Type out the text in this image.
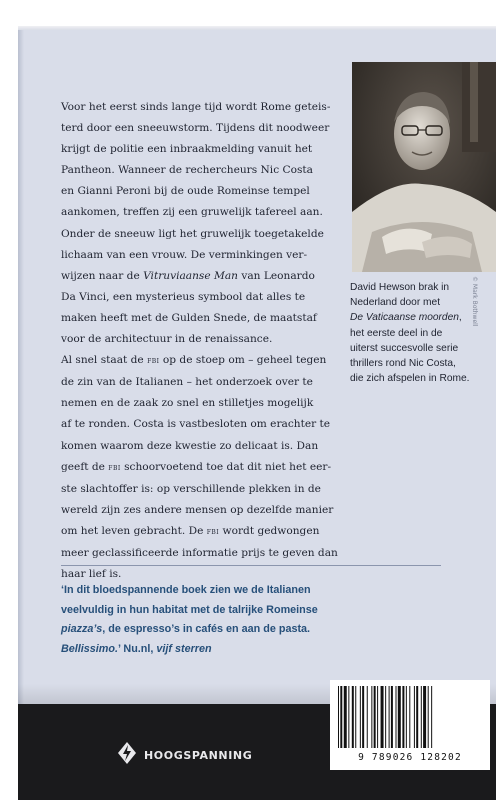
© Mark Bothwell
David Hewson brak in
Nederland door met
De Vaticaanse moorden,
het eerste deel in de
uiterst succesvolle serie
thrillers rond Nic Costa,
die zich afspelen in Rome.
Voor het eerst sinds lange tijd wordt Rome geteis-
terd door een sneeuwstorm. Tijdens dit noodweer
krijgt de politie een inbraakmelding vanuit het
Pantheon. Wanneer de rechercheurs Nic Costa
en Gianni Peroni bij de oude Romeinse tempel
aankomen, treffen zij een gruwelijk tafereel aan.
Onder de sneeuw ligt het gruwelijk toegetakelde
lichaam van een vrouw. De verminkingen ver-
wijzen naar de Vitruviaanse Man van Leonardo
Da Vinci, een mysterieus symbool dat alles te
maken heeft met de Gulden Snede, de maatstaf
voor de architectuur in de renaissance.
Al snel staat de fbi op de stoep om – geheel tegen
de zin van de Italianen – het onderzoek over te
nemen en de zaak zo snel en stilletjes mogelijk
af te ronden. Costa is vastbesloten om erachter te
komen waarom deze kwestie zo delicaat is. Dan
geeft de fbi schoorvoetend toe dat dit niet het eer-
ste slachtoffer is: op verschillende plekken in de
wereld zijn zes andere mensen op dezelfde manier
om het leven gebracht. De fbi wordt gedwongen
meer geclassificeerde informatie prijs te geven dan
haar lief is.
‘In dit bloedspannende boek zien we de Italianen
veelvuldig in hun habitat met de talrijke Romeinse
piazza’s, de espresso’s in cafés en aan de pasta.
Bellissimo.’ Nu.nl, vijf sterren
HOOGSPANNING	9 789026 128202
